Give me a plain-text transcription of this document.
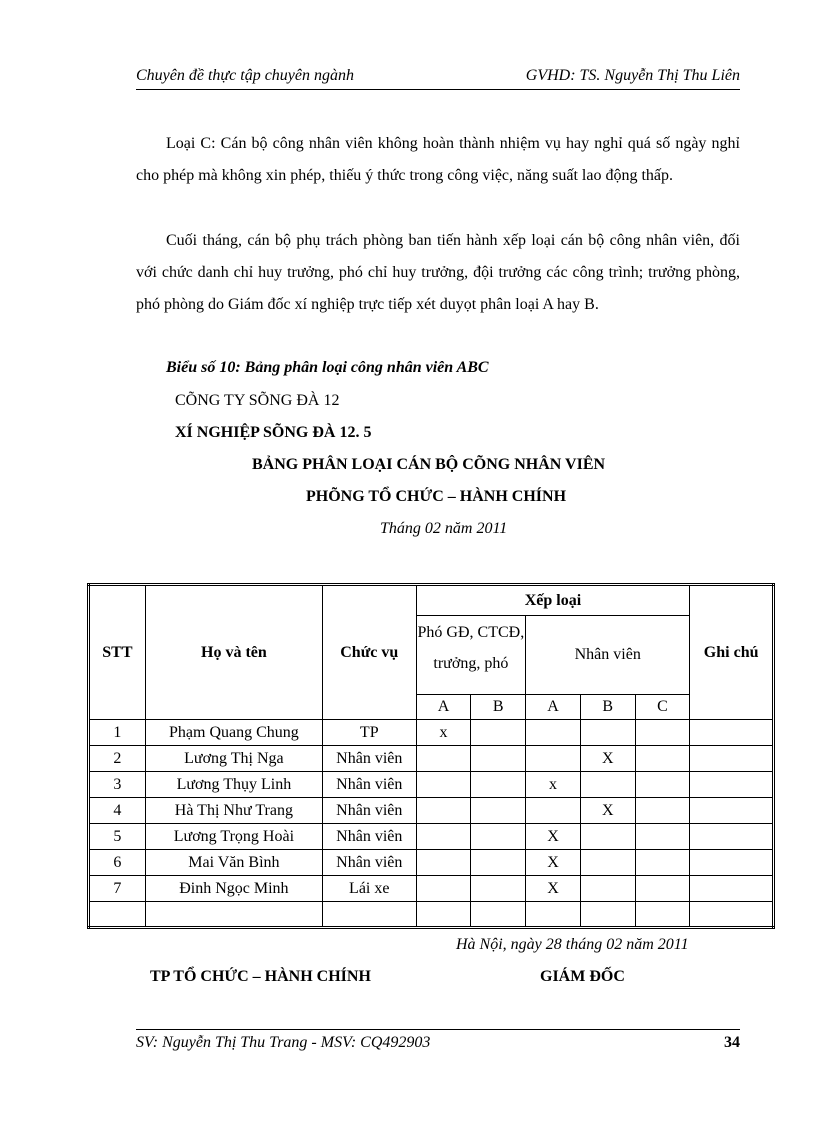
Chuyên đề thực tập chuyên ngành	GVHD: TS. Nguyễn Thị Thu Liên
Loại C: Cán bộ công nhân viên không hoàn thành nhiệm vụ hay nghỉ quá số ngày nghỉ cho phép mà không xin phép, thiếu ý thức trong công việc, năng suất lao động thấp.
Cuối tháng, cán bộ phụ trách phòng ban tiến hành xếp loại cán bộ công nhân viên, đối với chức danh chỉ huy trưởng, phó chỉ huy trưởng, đội trưởng các công trình; trưởng phòng, phó phòng do Giám đốc xí nghiệp trực tiếp xét duyọt phân loại A hay B.
Biểu số 10: Bảng phân loại công nhân viên ABC
CÕNG TY SÕNG ĐÀ 12
XÍ NGHIỆP SÕNG ĐÀ 12. 5
BẢNG PHÂN LOẠI CÁN BỘ CÕNG NHÂN VIÊN
PHÕNG TỔ CHỨC – HÀNH CHÍNH
Tháng 02 năm 2011
STT	Họ và tên	Chức vụ	Xếp loại					Ghi chú

			Phó GĐ, CTCĐ, trưởng, phó		Nhân viên			
			A	B	A	B	C	
1	Phạm Quang Chung	TP	x					
2	Lương Thị Nga	Nhân viên				X		
3	Lương Thụy Linh	Nhân viên			x			
4	Hà Thị Như Trang	Nhân viên				X		
5	Lương Trọng Hoài	Nhân viên			X			
6	Mai Văn Bình	Nhân viên			X			
7	Đinh Ngọc Minh	Lái xe			X			

Hà Nội, ngày 28 tháng 02 năm 2011
TP TỔ CHỨC – HÀNH CHÍNH	GIÁM ĐỐC
SV: Nguyễn Thị Thu Trang - MSV: CQ492903	34
